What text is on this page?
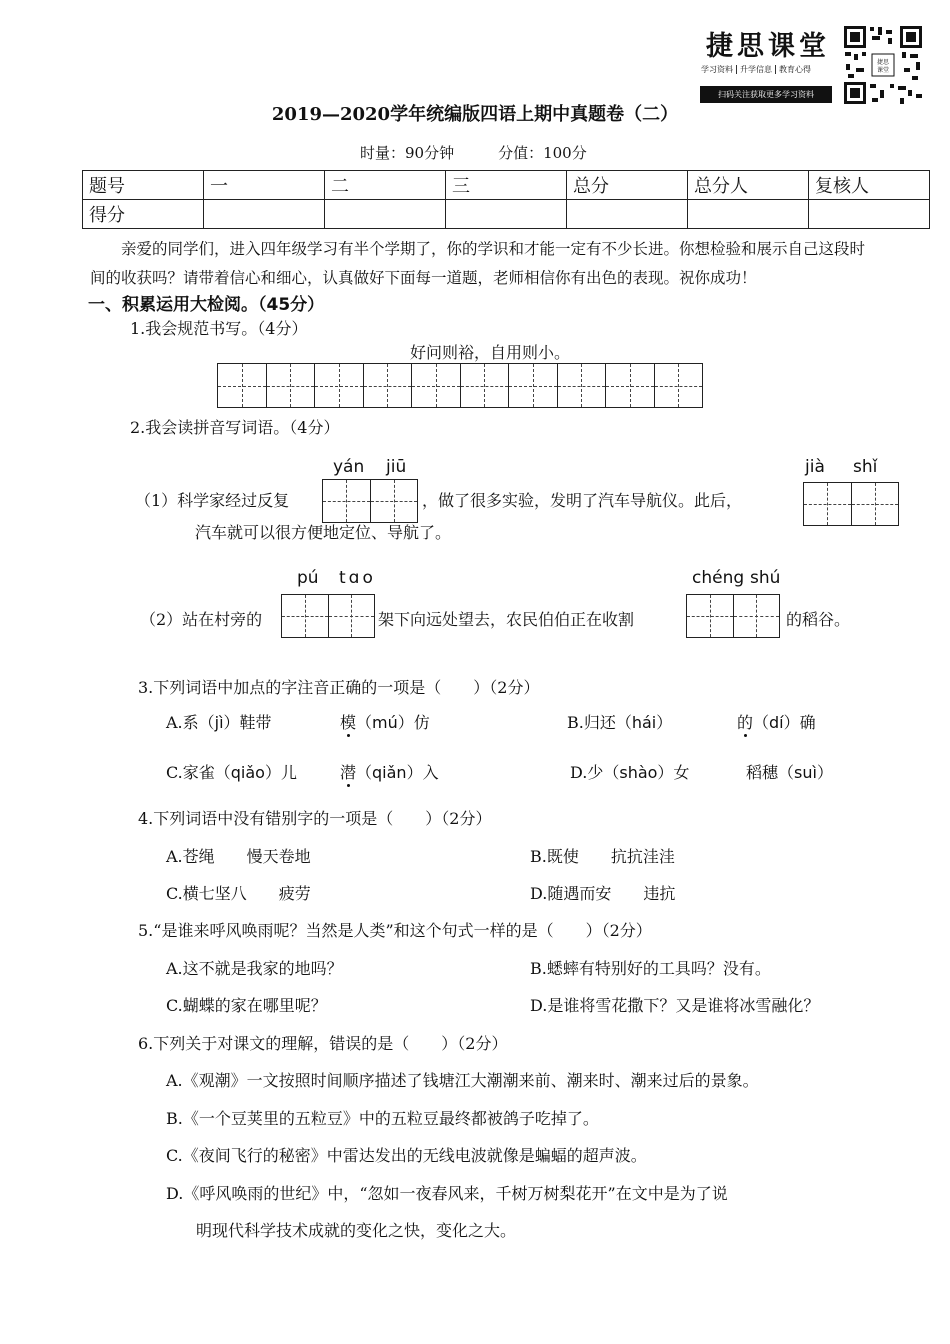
捷思课堂
学习资料 升学信息 教育心得
扫码关注获取更多学习资料
捷思
课堂
2019—2020学年统编版四语上期中真题卷（二）
时量：90分钟	分值：100分
题号	一	二	三	总分	总分人	复核人
得分						
亲爱的同学们，进入四年级学习有半个学期了，你的学识和才能一定有不少长进。你想检验和展示自己这段时间的收获吗？请带着信心和细心，认真做好下面每一道题，老师相信你有出色的表现。祝你成功！
一、积累运用大检阅。（45分）
1.我会规范书写。（4分）
好问则裕，自用则小。
2.我会读拼音写词语。（4分）
yán jiū	jià shǐ
（1）科学家经过反复	，做了很多实验，发明了汽车导航仪。此后，
汽车就可以很方便地定位、导航了。
pú tɑo	chéng shú
（2）站在村旁的	架下向远处望去，农民伯伯正在收割	的稻谷。
3.下列词语中加点的字注音正确的一项是（　　）（2分）
A.系（jì）鞋带	模（mú）仿	B.归还（hái）	的（dí）确
C.家雀（qiǎo）儿	潜（qiǎn）入	D.少（shào）女	稻穗（suì）
4.下列词语中没有错别字的一项是（　　）（2分）
A.苍绳　　慢天卷地	B.既使　　抗抗洼洼
C.横七坚八　　疲劳	D.随遇而安　　违抗
5.“是谁来呼风唤雨呢？当然是人类”和这个句式一样的是（　　）（2分）
A.这不就是我家的地吗？	B.蟋蟀有特别好的工具吗？没有。
C.蝴蝶的家在哪里呢？	D.是谁将雪花撒下？又是谁将冰雪融化？
6.下列关于对课文的理解，错误的是（　　）（2分）
A.《观潮》一文按照时间顺序描述了钱塘江大潮潮来前、潮来时、潮来过后的景象。
B.《一个豆荚里的五粒豆》中的五粒豆最终都被鸽子吃掉了。
C.《夜间飞行的秘密》中雷达发出的无线电波就像是蝙蝠的超声波。
D.《呼风唤雨的世纪》中，“忽如一夜春风来，千树万树梨花开”在文中是为了说
明现代科学技术成就的变化之快，变化之大。
